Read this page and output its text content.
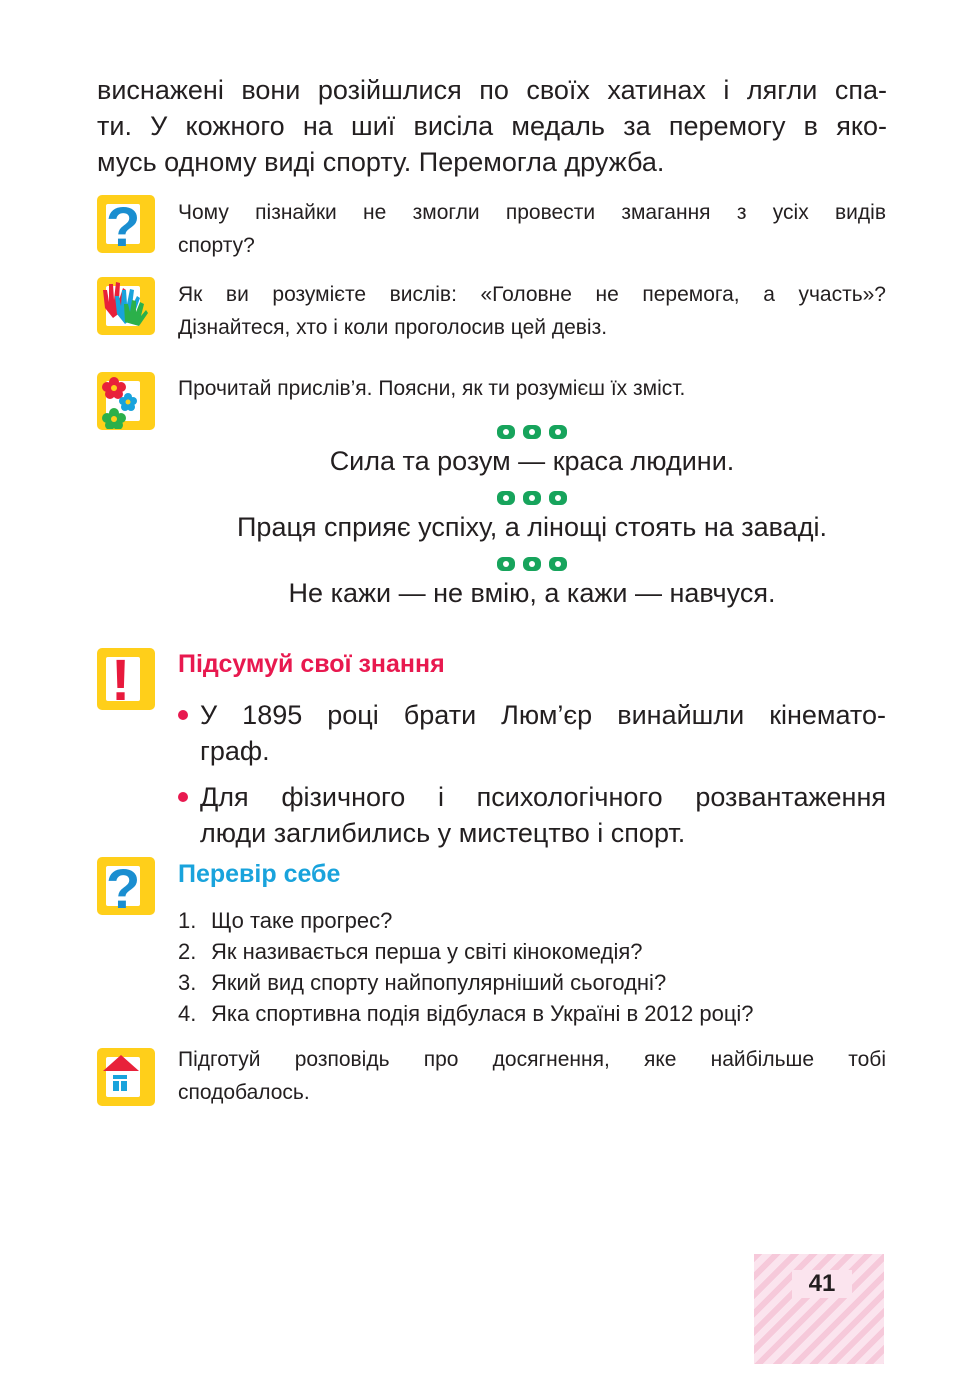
виснажені вони розійшлися по своїх хатинах і лягли спа-
ти. У кожного на шиї висіла медаль за перемогу в яко-
мусь одному виді спорту. Перемогла дружба.

? Чому пізнайки не змогли провести змагання з усіх видів
спорту?

Як ви розумієте вислів: «Головне не перемога, а участь»?
Дізнайтеся, хто і коли проголосив цей девіз.

Прочитай прислів’я. Поясни, як ти розумієш їх зміст.

Сила та розум — краса людини.

Праця сприяє успіху, а лінощі стоять на заваді.

Не кажи — не вмію, а кажи — навчуся.

! Підсумуй свої знання
У 1895 році брати Люм’єр винайшли кінемато-
граф.
Для фізичного і психологічного розвантаження
люди заглибились у мистецтво і спорт.
? Перевір себе
1. Що таке прогрес?
2. Як називається перша у світі кінокомедія?
3. Який вид спорту найпопулярніший сьогодні?
4. Яка спортивна подія відбулася в Україні в 2012 році?

Підготуй розповідь про досягнення, яке найбільше тобі
сподобалось.

41
